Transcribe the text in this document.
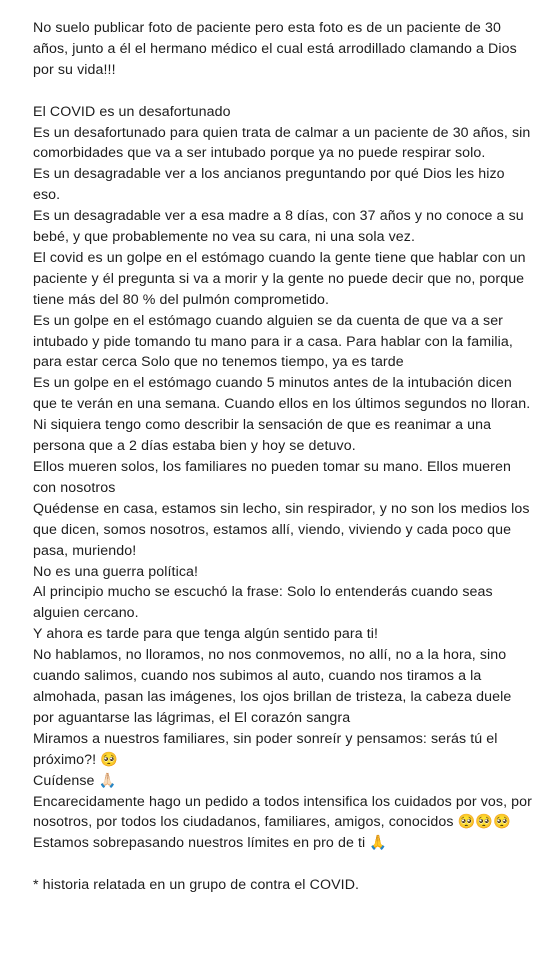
No suelo publicar foto de paciente pero esta foto es de un paciente de 30 años, junto a él el hermano médico el cual está arrodillado clamando a Dios por su vida!!!

El COVID es un desafortunado

Es un desafortunado para quien trata de calmar a un paciente de 30 años, sin comorbidades que va a ser intubado porque ya no puede respirar solo.

Es un desagradable ver a los ancianos preguntando por qué Dios les hizo eso.

Es un desagradable ver a esa madre a 8 días, con 37 años y no conoce a su bebé, y que probablemente no vea su cara, ni una sola vez.

El covid es un golpe en el estómago cuando la gente tiene que hablar con un paciente y él pregunta si va a morir y la gente no puede decir que no, porque tiene más del 80 % del pulmón comprometido.

Es un golpe en el estómago cuando alguien se da cuenta de que va a ser intubado y pide tomando tu mano para ir a casa. Para hablar con la familia, para estar cerca Solo que no tenemos tiempo, ya es tarde

Es un golpe en el estómago cuando 5 minutos antes de la intubación dicen que te verán en una semana. Cuando ellos en los últimos segundos no lloran.

Ni siquiera tengo como describir la sensación de que es reanimar a una persona que a 2 días estaba bien y hoy se detuvo.

Ellos mueren solos, los familiares no pueden tomar su mano. Ellos mueren con nosotros

Quédense en casa, estamos sin lecho, sin respirador, y no son los medios los que dicen, somos nosotros, estamos allí, viendo, viviendo y cada poco que pasa, muriendo!

No es una guerra política!

Al principio mucho se escuchó la frase: Solo lo entenderás cuando seas alguien cercano.

Y ahora es tarde para que tenga algún sentido para ti!

No hablamos, no lloramos, no nos conmovemos, no allí, no a la hora, sino cuando salimos, cuando nos subimos al auto, cuando nos tiramos a la almohada, pasan las imágenes, los ojos brillan de tristeza, la cabeza duele por aguantarse las lágrimas, el El corazón sangra

Miramos a nuestros familiares, sin poder sonreír y pensamos: serás tú el próximo?! 🥺

Cuídense 🙏🏻

Encarecidamente hago un pedido a todos intensifica los cuidados por vos, por nosotros, por todos los ciudadanos, familiares, amigos, conocidos 🥺🥺🥺

Estamos sobrepasando nuestros límites en pro de ti 🙏

* historia relatada en un grupo de contra el COVID.
